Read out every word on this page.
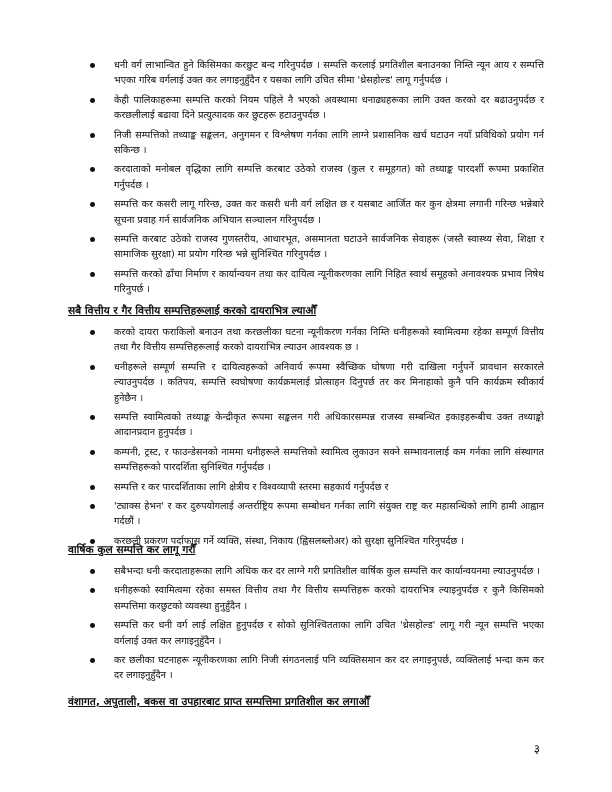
धनी वर्ग लाभान्वित हुने किसिमका करछुट बन्द गरिनुपर्दछ । सम्पत्ति करलाई प्रगतिशील बनाउनका निम्ति न्यून आय र सम्पत्ति भएका गरिब वर्गलाई उक्त कर लगाइनुहुँदैन र यसका लागि उचित सीमा 'थ्रेसहोल्ड' लागू गर्नुपर्दछ ।
केही पालिकाहरूमा सम्पत्ति करको नियम पहिले नै भएको अवस्थामा धनाढ्यहरूका लागि उक्त करको दर बढाउनुपर्दछ र करछलीलाई बढावा दिने प्रत्युत्पादक कर छुटहरू हटाउनुपर्दछ ।
निजी सम्पत्तिको तथ्याङ्क सङ्कलन, अनुगमन र विश्लेषण गर्नका लागि लाग्ने प्रशासनिक खर्च घटाउन नयाँ प्रविधिको प्रयोग गर्न सकिन्छ ।
करदाताको मनोबल वृद्धिका लागि सम्पत्ति करबाट उठेको राजस्व (कुल र समूहगत) को तथ्याङ्क पारदर्शी रूपमा प्रकाशित गर्नुपर्दछ ।
सम्पत्ति कर कसरी लागू गरिन्छ, उक्त कर कसरी धनी वर्ग लक्षित छ र यसबाट आर्जित कर कुन क्षेत्रमा लगानी गरिन्छ भन्नेबारे सूचना प्रवाह गर्न सार्वजनिक अभियान सञ्चालन गरिनुपर्दछ ।
सम्पत्ति करबाट उठेको राजस्व गुणस्तरीय, आधारभूत, असमानता घटाउने सार्वजनिक सेवाहरू (जस्तै स्वास्थ्य सेवा, शिक्षा र सामाजिक सुरक्षा) मा प्रयोग गरिन्छ भन्ने सुनिश्चित गरिनुपर्दछ ।
सम्पत्ति करको ढाँचा निर्माण र कार्यान्वयन तथा कर दायित्व न्यूनीकरणका लागि निहित स्वार्थ समूहको अनावश्यक प्रभाव निषेध गरिनुपर्छ ।
सबै वित्तीय र गैर वित्तीय सम्पत्तिहरूलाई करको दायराभित्र ल्याऔँ
करको दायरा फराकिलो बनाउन तथा करछलीका घटना न्यूनीकरण गर्नका निम्ति धनीहरूको स्वामित्वमा रहेका सम्पूर्ण वित्तीय तथा गैर वित्तीय सम्पत्तिहरूलाई करको दायराभित्र ल्याउन आवश्यक छ ।
धनीहरूले सम्पूर्ण सम्पत्ति र दायित्वहरूको अनिवार्य रूपमा स्वैच्छिक घोषणा गरी दाखिला गर्नुपर्ने प्रावधान सरकारले ल्याउनुपर्दछ । कतिपय, सम्पत्ति स्वघोषणा कार्यक्रमलाई प्रोत्साहन दिनुपर्छ तर कर मिनाहाको कुनै पनि कार्यक्रम स्वीकार्य हुनेछैन ।
सम्पत्ति स्वामित्वको तथ्याङ्क केन्द्रीकृत रूपमा सङ्कलन गरी अधिकारसम्पन्न राजस्व सम्बन्धित इकाइहरूबीच उक्त तथ्याङ्को आदानप्रदान हुनुपर्दछ ।
कम्पनी, ट्रस्ट, र फाउन्डेसनको नाममा धनीहरूले सम्पत्तिको स्वामित्व लुकाउन सक्ने सम्भावनालाई कम गर्नका लागि संस्थागत सम्पत्तिहरूको पारदर्शिता सुनिश्चित गर्नुपर्दछ ।
सम्पत्ति र कर पारदर्शिताका लागि क्षेत्रीय र विश्वव्यापी स्तरमा सहकार्य गर्नुपर्दछ र
'ट्याक्स हेभन' र कर दुरुपयोगलाई अन्तर्राष्ट्रिय रूपमा सम्बोधन गर्नका लागि संयुक्त राष्ट्र कर महासन्धिको लागि हामी आह्वान गर्दछौं ।
करछली प्रकरण पर्दाफास गर्ने व्यक्ति, संस्था, निकाय (ह्विसलब्लोअर) को सुरक्षा सुनिश्चित गरिनुपर्दछ ।
वार्षिक कुल सम्पत्ति कर लागू गरौँ
सबैभन्दा धनी करदाताहरूका लागि अधिक कर दर लाग्ने गरी प्रगतिशील वार्षिक कुल सम्पत्ति कर कार्यान्वयनमा ल्याउनुपर्दछ ।
धनीहरूको स्वामित्वमा रहेका समस्त वित्तीय तथा गैर वित्तीय सम्पत्तिहरू करको दायराभित्र ल्याइनुपर्दछ र कुनै किसिमको सम्पत्तिमा करछुटको व्यवस्था हुनुहुँदैन ।
सम्पत्ति कर धनी वर्ग लाई लक्षित हुनुपर्दछ र सोको सुनिश्चितताका लागि उचित 'थ्रेसहोल्ड' लागू गरी न्यून सम्पत्ति भएका वर्गलाई उक्त कर लगाइनुहुँदैन ।
कर छलीका घटनाहरू न्यूनीकरणका लागि निजी संगठनलाई पनि व्यक्तिसमान कर दर लगाइनुपर्छ, व्यक्तिलाई भन्दा कम कर दर लगाइनुहुँदैन ।
वंशागत, अपुताली, बकस वा उपहारबाट प्राप्त सम्पत्तिमा प्रगतिशील कर लगाऔँ
३
